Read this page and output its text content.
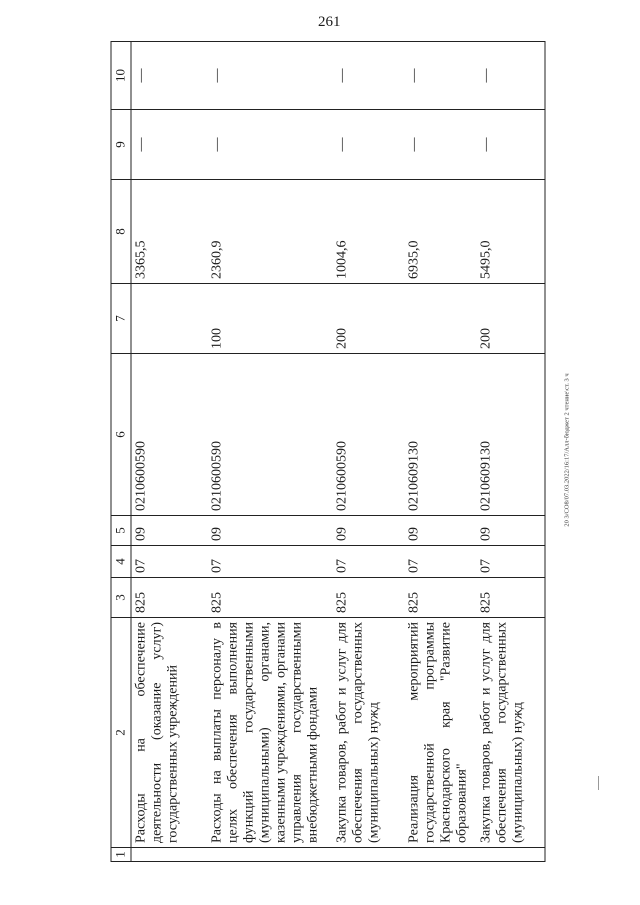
261
20 3/СО8/07.03.2022/16:17/Алл-бюджет 2 чтение\ст. 3 ч
1	2	3	4	5	6	7	8	9	10
	Расходы на обеспечение деятельности (оказание услуг) государственных учреждений	825	07	09	0210600590		3365,5	—	—
	Расходы на выплаты персоналу в целях обеспечения выполнения функций государственными (муниципальными) органами, казенными учреждениями, органами управления государственными внебюджетными фондами	825	07	09	0210600590	100	2360,9	—	—
	Закупка товаров, работ и услуг для обеспечения государственных (муниципальных) нужд	825	07	09	0210600590	200	1004,6	—	—
	Реализация мероприятий государственной программы Краснодарского края "Развитие образования"	825	07	09	0210609130		6935,0	—	—
	Закупка товаров, работ и услуг для обеспечения государственных (муниципальных) нужд	825	07	09	0210609130	200	5495,0	—	—
